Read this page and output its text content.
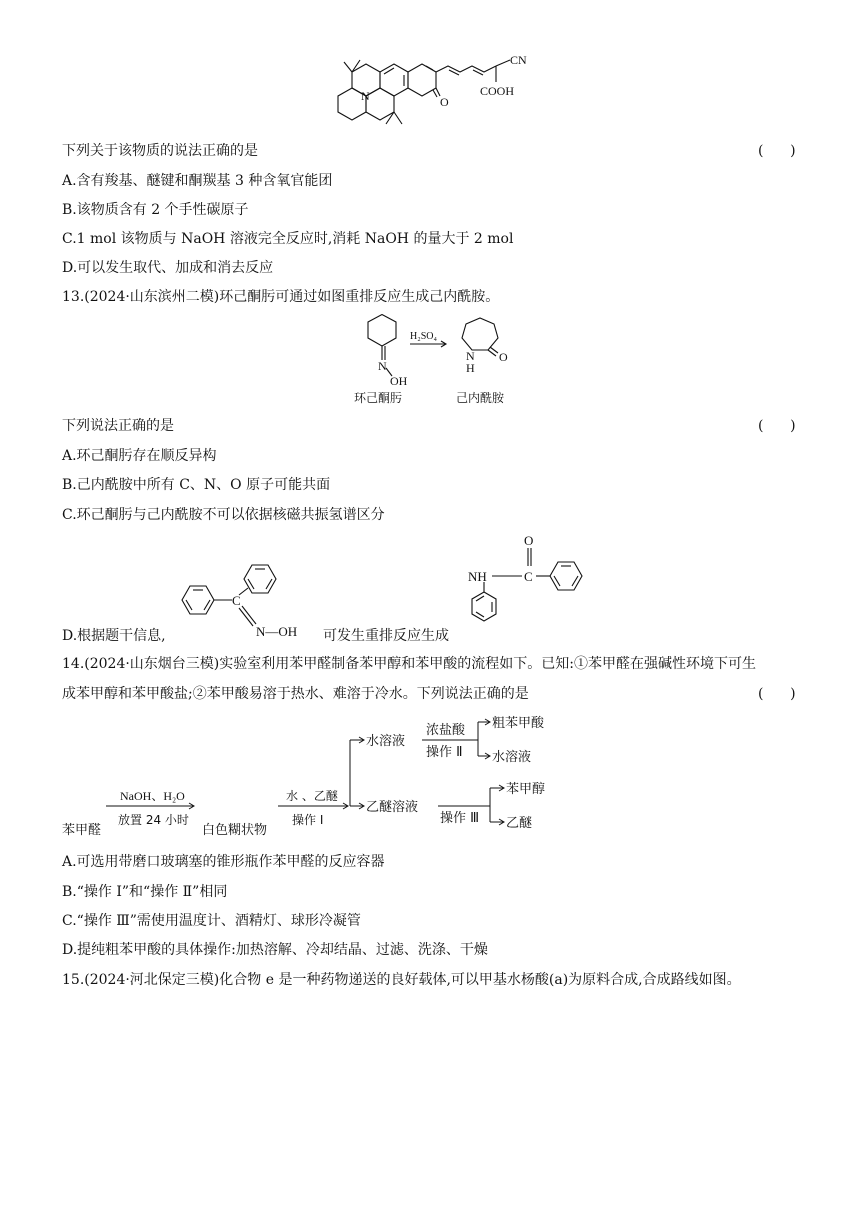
CN
COOH
O
N
下列关于该物质的说法正确的是	(      )
A.含有羧基、醚键和酮羰基 3 种含氧官能团
B.该物质含有 2 个手性碳原子
C.1 mol 该物质与 NaOH 溶液完全反应时,消耗 NaOH 的量大于 2 mol
D.可以发生取代、加成和消去反应
13.(2024·山东滨州二模)环己酮肟可通过如图重排反应生成己内酰胺。
H₂SO₄
N
OH
O
N
H
环己酮肟	己内酰胺
下列说法正确的是	(      )
A.环己酮肟存在顺反异构
B.己内酰胺中所有 C、N、O 原子可能共面
C.环己酮肟与己内酰胺不可以依据核磁共振氢谱区分
D.根据题干信息,
C
N—OH 可发生重排反应生成
O
NH	C
14.(2024·山东烟台三模)实验室利用苯甲醛制备苯甲醇和苯甲酸的流程如下。已知:①苯甲醛在强碱性环境下可生
成苯甲醇和苯甲酸盐;②苯甲酸易溶于热水、难溶于冷水。下列说法正确的是	(      )
苯甲醛
NaOH、H₂O
放置 24 小时
白色糊状物
水 、乙醚
操作 Ⅰ
水溶液
浓盐酸
操作 Ⅱ
粗苯甲酸
水溶液
乙醚溶液
操作 Ⅲ
苯甲醇
乙醚
A.可选用带磨口玻璃塞的锥形瓶作苯甲醛的反应容器
B.“操作 Ⅰ”和“操作 Ⅱ”相同
C.“操作 Ⅲ”需使用温度计、酒精灯、球形冷凝管
D.提纯粗苯甲酸的具体操作:加热溶解、冷却结晶、过滤、洗涤、干燥
15.(2024·河北保定三模)化合物 e 是一种药物递送的良好载体,可以甲基水杨酸(a)为原料合成,合成路线如图。
